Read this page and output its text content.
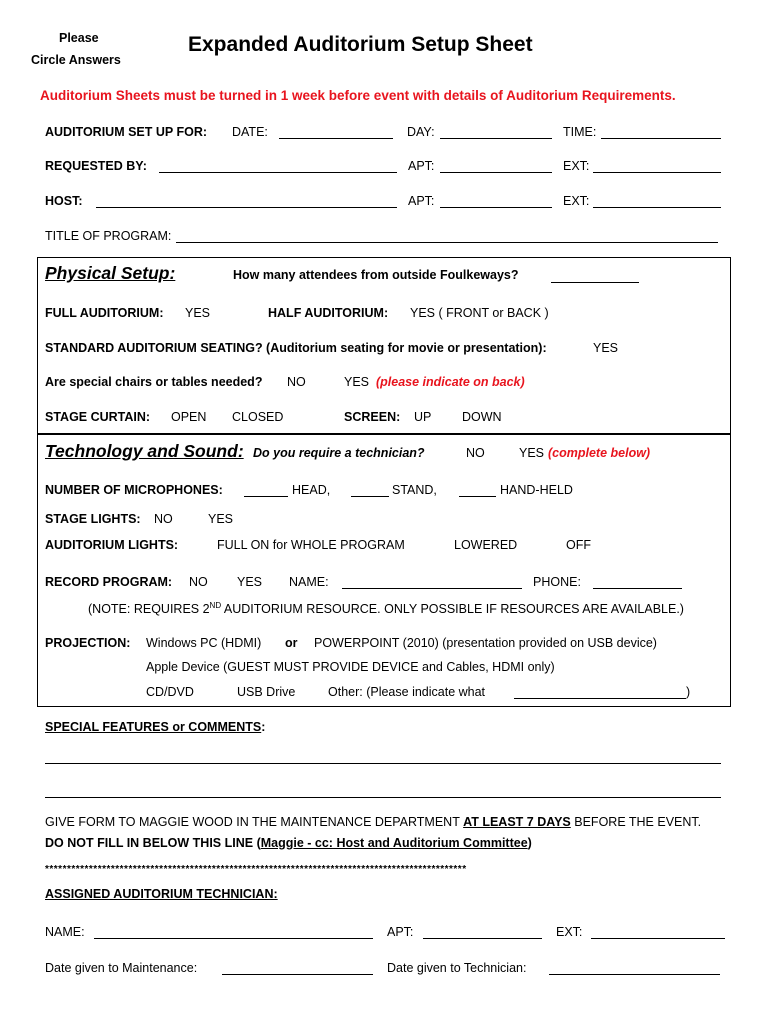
Please
Circle Answers
Expanded Auditorium Setup Sheet
Auditorium Sheets must be turned in 1 week before event with details of Auditorium Requirements.
AUDITORIUM SET UP FOR: DATE:	DAY:	TIME:
REQUESTED BY:	APT:	EXT:
HOST:	APT:	EXT:
TITLE OF PROGRAM:
Physical Setup:	How many attendees from outside Foulkeways?
FULL AUDITORIUM: YES	HALF AUDITORIUM: YES ( FRONT or BACK )
STANDARD AUDITORIUM SEATING? (Auditorium seating for movie or presentation):	YES
Are special chairs or tables needed? NO	YES (please indicate on back)
STAGE CURTAIN: OPEN CLOSED	SCREEN: UP DOWN
Technology and Sound: Do you require a technician?	NO	YES (complete below)
NUMBER OF MICROPHONES:	HEAD,	STAND,	HAND-HELD
STAGE LIGHTS: NO	YES
AUDITORIUM LIGHTS:	FULL ON for WHOLE PROGRAM	LOWERED	OFF
RECORD PROGRAM: NO YES NAME:	PHONE:
(NOTE: REQUIRES 2ND AUDITORIUM RESOURCE. ONLY POSSIBLE IF RESOURCES ARE AVAILABLE.)
PROJECTION: Windows PC (HDMI) or POWERPOINT (2010) (presentation provided on USB device)
Apple Device (GUEST MUST PROVIDE DEVICE and Cables, HDMI only)
CD/DVD	USB Drive	Other: (Please indicate what	)
SPECIAL FEATURES or COMMENTS:
GIVE FORM TO MAGGIE WOOD IN THE MAINTENANCE DEPARTMENT AT LEAST 7 DAYS BEFORE THE EVENT.
DO NOT FILL IN BELOW THIS LINE (Maggie - cc: Host and Auditorium Committee)
************************************************************************************************
ASSIGNED AUDITORIUM TECHNICIAN:
NAME:	APT:	EXT:
Date given to Maintenance:	Date given to Technician:
